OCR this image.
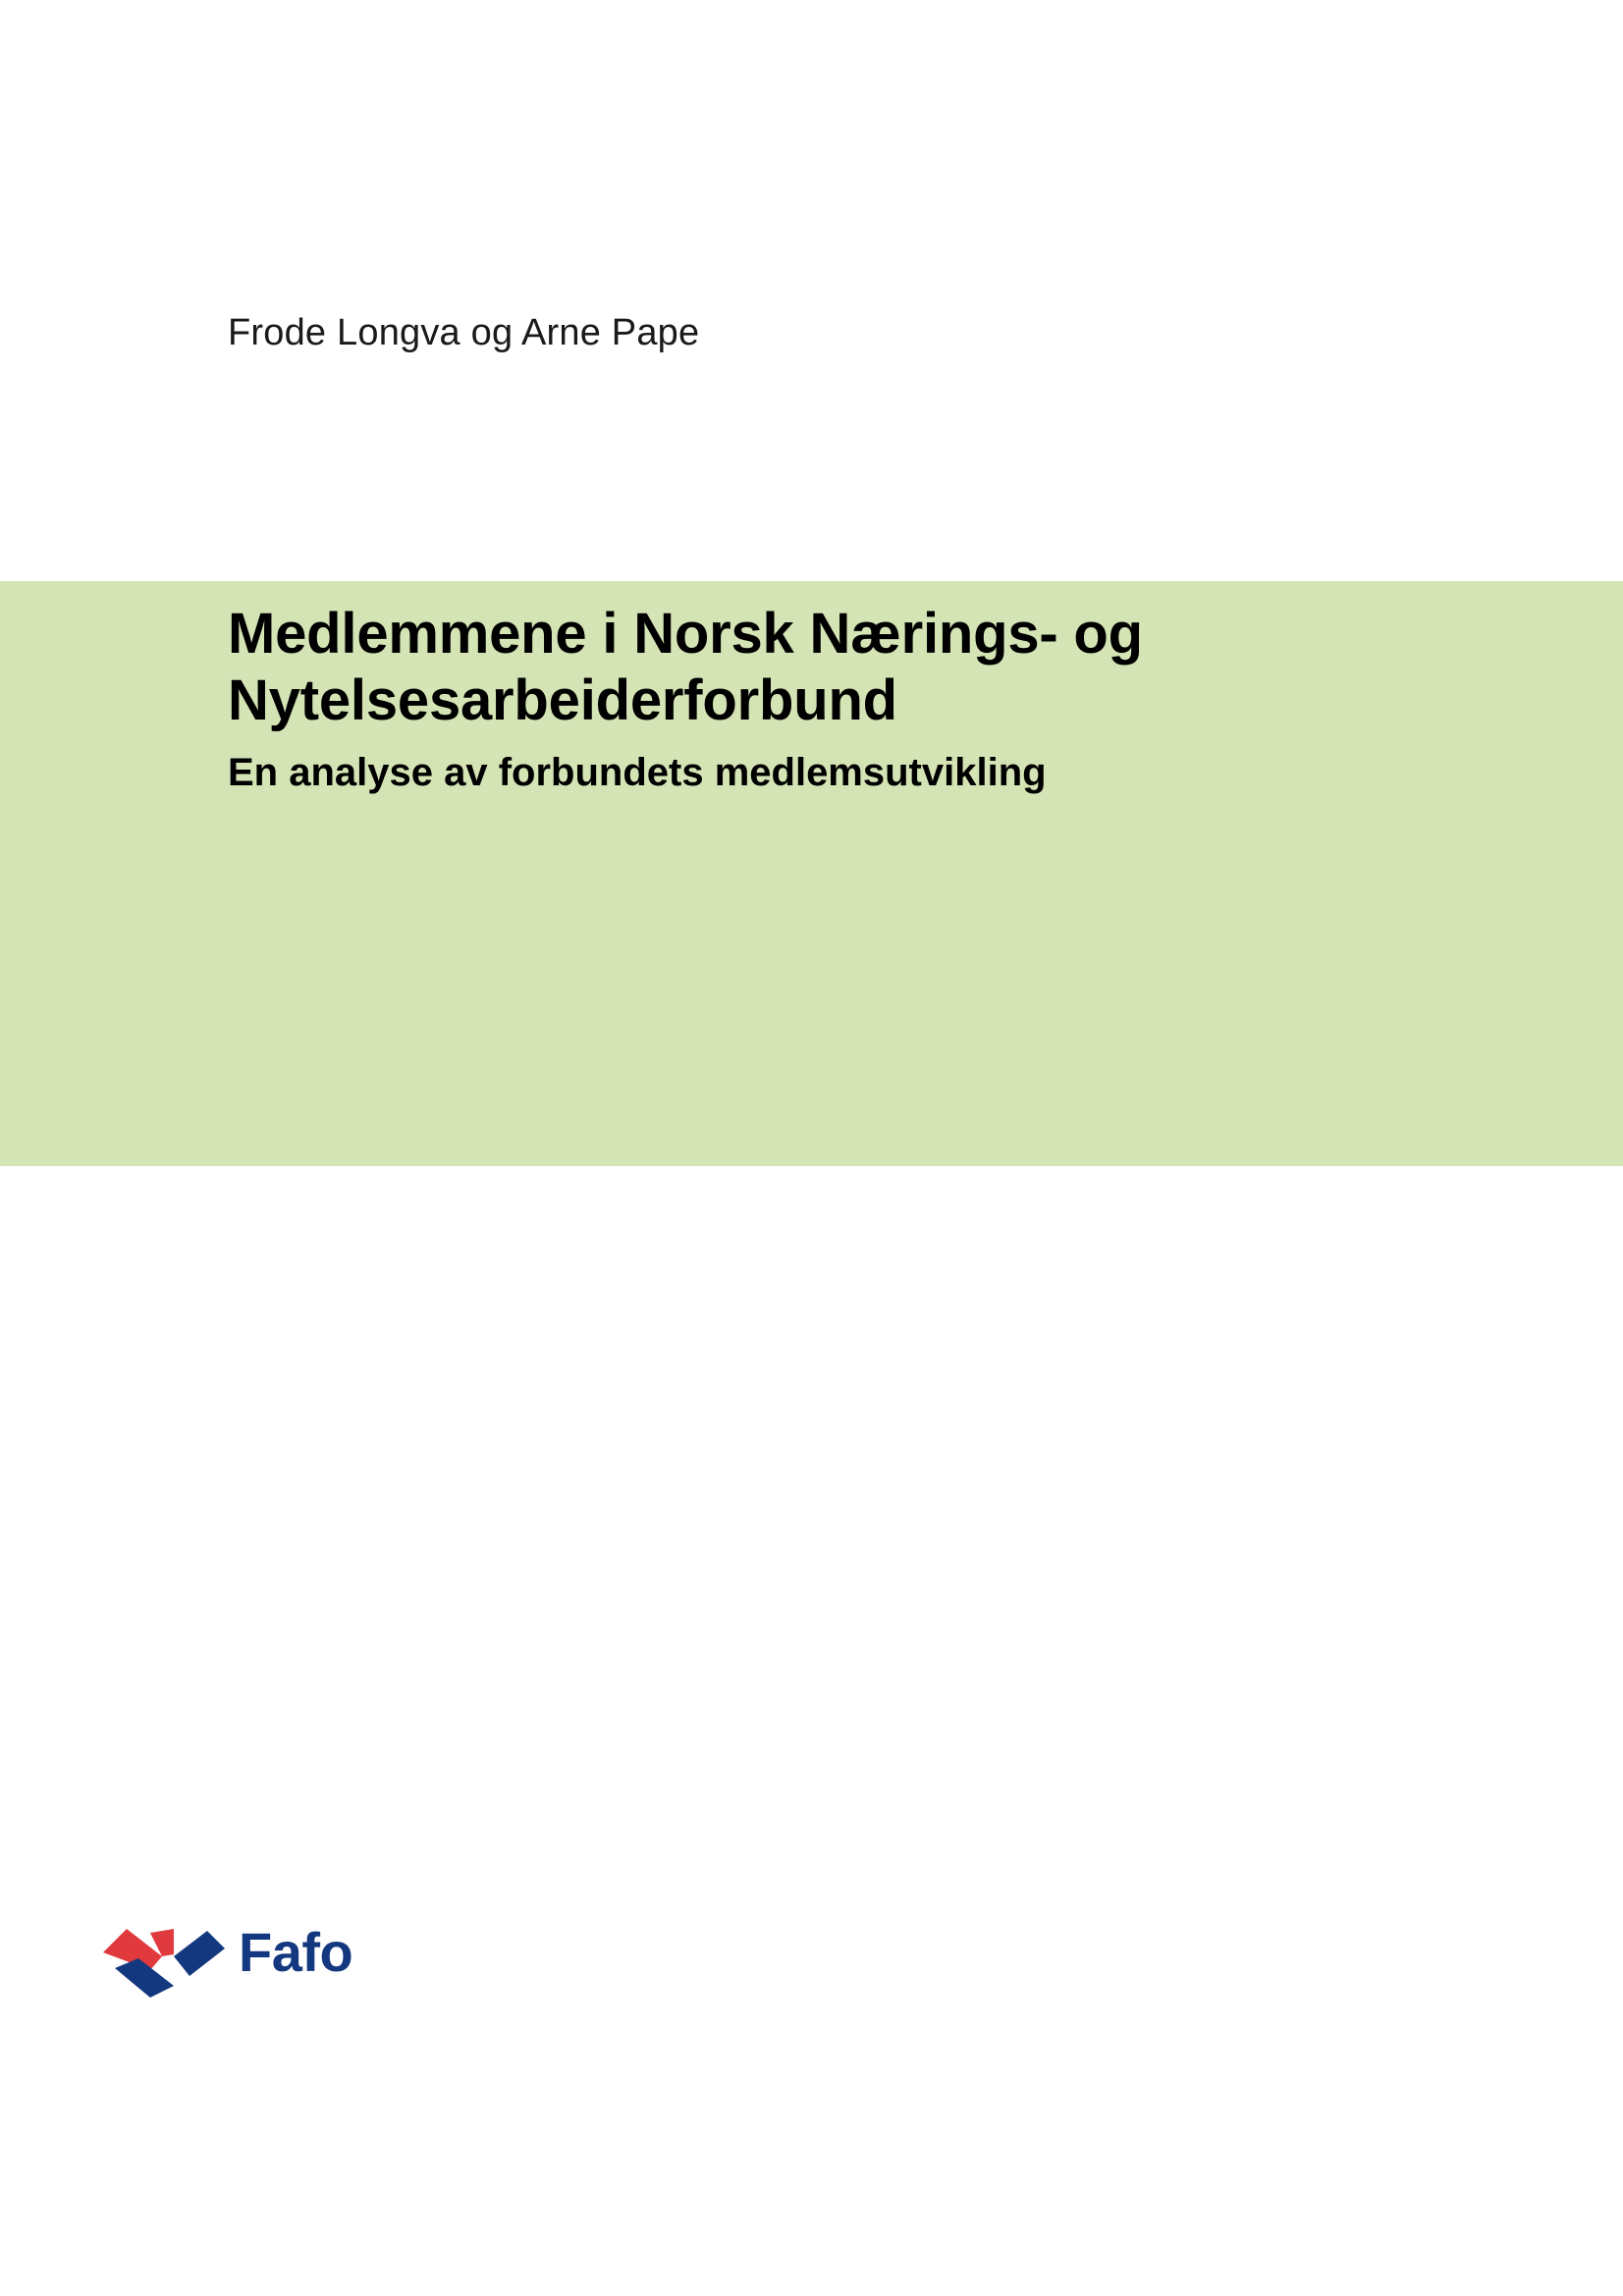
Frode Longva og Arne Pape
Medlemmene i Norsk Nærings- og
Nytelsesarbeiderforbund

En analyse av forbundets medlemsutvikling

Fafo
